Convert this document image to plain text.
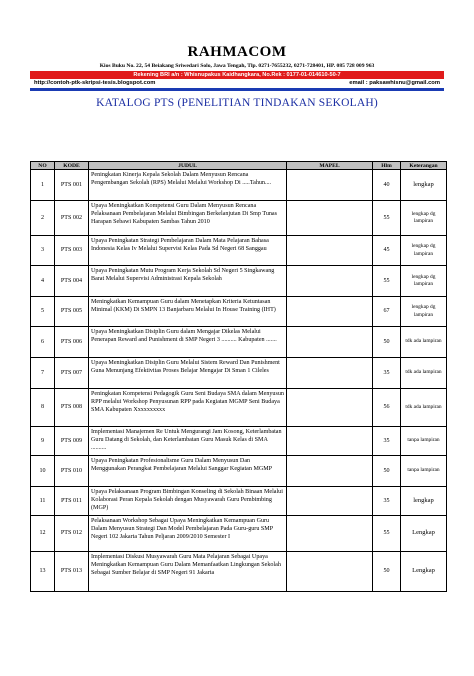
RAHMACOM
Kios Buku No. 22, 54 Beiakang Sriwedari Solo, Jawa Tengah, Tlp. 0271-7655232, 0271-728401, HP. 085 728 009 963
Rekening BRI a/n : Whisnupakus Kaidhangkara, No.Rek : 0177-01-014610-50-7
http://contoh-ptk-skripsi-tesis.blogspot.com	email : paksawhisnu@gmail.com
KATALOG PTS (PENELITIAN TINDAKAN SEKOLAH)
NO	KODE	JUDUL	MAPEL	Hlm	Keterangan
1	PTS 001	Peningkatan Kinerja Kepala Sekolah Dalam Menyusun Rencana Pengembangan Sekolah (RPS) Melalui Melalui Workshop Di .....Tahun....		40	lengkap
2	PTS 002	Upaya Meningkatkan Kompetensi Guru Dalam Menyusun Rencana Pelaksanaan Pembelajaran Melalui Bimbingan Berkelanjutan Di Smp Tunas Harapan Sebawi Kabupaten Sambas Tahun 2010		55	lengkap dg lampiran
3	PTS 003	Upaya Peningkatan Strategi Pembelajaran Dalam Mata Pelajaran Bahasa Indonesia Kelas Iv Melalui Supervisi Kelas Pada Sd Negeri 68 Sanggau		45	lengkap dg lampiran
4	PTS 004	Upaya Peningkatan Mutu Program Kerja Sekolah Sd Negeri 5 Singkawang Barat Melalui Supervisi Administrasi Kepala Sekolah		55	lengkap dg lampiran
5	PTS 005	Meningkatkan Kemampuan Guru dalam Menetapkan Kriteria Ketuntasan Minimal (KKM) Di SMPN 13 Banjarbaru Melalui In House Training (IHT)		67	lengkap dg lampiran
6	PTS 006	Upaya Meningkatkan Disiplin Guru dalam Mengajar Dikelas Melalui Penerapan Reward and Punishment di SMP Negeri 3 .......... Kabupaten .......		50	tdk ada lampiran
7	PTS 007	Upaya Meningkatkan Disiplin Guru Melalui Sistem Reward Dan Punishment Guna Menunjang Efektivitas Proses Belajar Mengajar Di Sman 1 Cileles		35	tdk ada lampiran
8	PTS 008	Peningkatan Kompetensi Pedagogik Guru Seni Budaya SMA dalam Menyusun RPP melalui Workshop Penyusunan RPP pada Kegiatan MGMP Seni Budaya SMA Kabupaten Xxxxxxxxxx		56	tdk ada lampiran
9	PTS 009	Implementasi Manajemen Re Untuk Mengurangi Jam Kosong, Keterlambatan Guru Datang di Sekolah, dan Keterlambatan Guru Masuk Kelas di SMA ..........		35	tanpa lampiran
10	PTS 010	Upaya Peningkatan Profesionalisme Guru Dalam Menyusun Dan Menggunakan Perangkat Pembelajaran Melalui Sanggar Kegiatan MGMP		50	tanpa lampiran
11	PTS 011	Upaya Pelaksanaan Program Bimbingan Konseling di Sekolah Binaan Melalui Kolaborasi Peran Kepala Sekolah dengan Musyawarah Guru Pembimbing (MGP)		35	lengkap
12	PTS 012	Pelaksanaan Workshop Sebagai Upaya Meningkatkan Kemampuan Guru Dalam Menyusun Strategi Dan Model Pembelajaran Pada Guru-guru SMP Negeri 102 Jakarta Tahun Peljaran 2009/2010 Semester I		55	Lengkap
13	PTS 013	Implementasi Diskusi Musyawarah Guru Mata Pelajaran Sebagai Upaya Meningkatkan Kemampuan Guru Dalam Memanfaatkan Lingkungan Sekolah Sebagai Sumber Belajar di SMP Negeri 91 Jakarta		50	Lengkap
